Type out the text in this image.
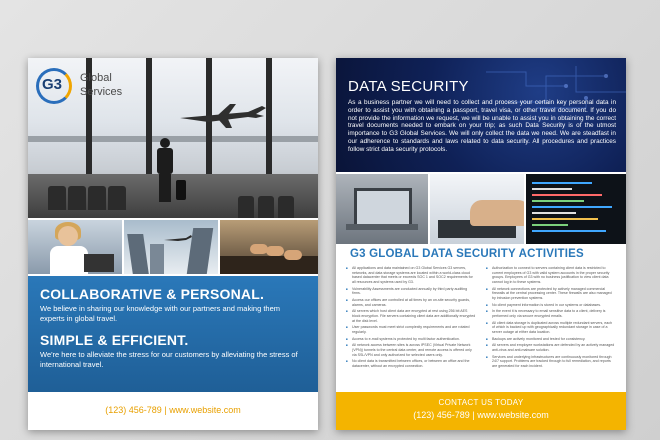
G3 Global
Services
COLLABORATIVE & PERSONAL.
We believe in sharing our knowledge with our partners and making them experts in global travel.
SIMPLE & EFFICIENT.
We're here to alleviate the stress for our customers by alleviating the stress of international travel.
(123) 456-789 | www.website.com
DATA SECURITY
As a business partner we will need to collect and process your certain key personal data in order to assist you with obtaining a passport, travel visa, or other travel document. If you do not provide the information we request, we will be unable to assist you in obtaining the correct travel documents needed to embark on your trip; as such Data Security is of the utmost importance to G3 Global Services. We will only collect the data we need. We are steadfast in our adherence to standards and laws related to data security. All procedures and practices follow strict data security protocols.
G3 GLOBAL DATA SECURITY ACTIVITIES
■ All applications and data maintained on G3 Global Services G3 servers, networks, and data storage systems are located within a world-class cloud based datacenter that meets or exceeds SOC 1 and SOC2 requirements for all resources and systems used by G3.
■ Vulnerability Assessments are conducted annually by third party auditing firms.
■ Access our offices are controlled at all times by an on-site security guards, alarms, and cameras.
■ All servers which host client data are encrypted at rest using 256 bit AES block encryption. File servers containing client data are additionally encrypted at the disk level.
■ User passwords must meet strict complexity requirements and are rotated regularly.
■ Access to e-mail systems is protected by multi factor authentication.
■ All network access between sites is across IPSEC (Virtual Private Network (VPN)) tunnels to the central data center, and remote access is offered only via SSL/VPN and only authorized for selected users only.
■ No client data is transmitted between offices, or between an office and the datacenter, without an encrypted connection.
■ Authorization to connect to servers containing client data is restricted to current employees of G3 with valid system accounts in the proper security groups. Employees of G3 with no business justification to view client data cannot log in to these systems.
■ All network connections are protected by actively managed commercial firewalls at the central processing center. These firewalls are also managed by intrusion prevention systems.
■ No client payment information is stored in our systems or databases.
■ In the event it is necessary to email sensitive data to a client, delivery is performed only via secure encrypted emails.
■ All client data storage is duplicated across multiple redundant servers, each of which is backed up with geographically redundant storage in case of a server outage at either data location.
■ Backups are actively monitored and tested for consistency.
■ All servers and employee workstations are defended by an actively managed anti-virus and anti-malware solution.
■ Services and underlying infrastructures are continuously monitored through 24/7 support. Problems are tracked through to full remediation, and reports are generated for each incident.
CONTACT US TODAY
(123) 456-789 | www.website.com
